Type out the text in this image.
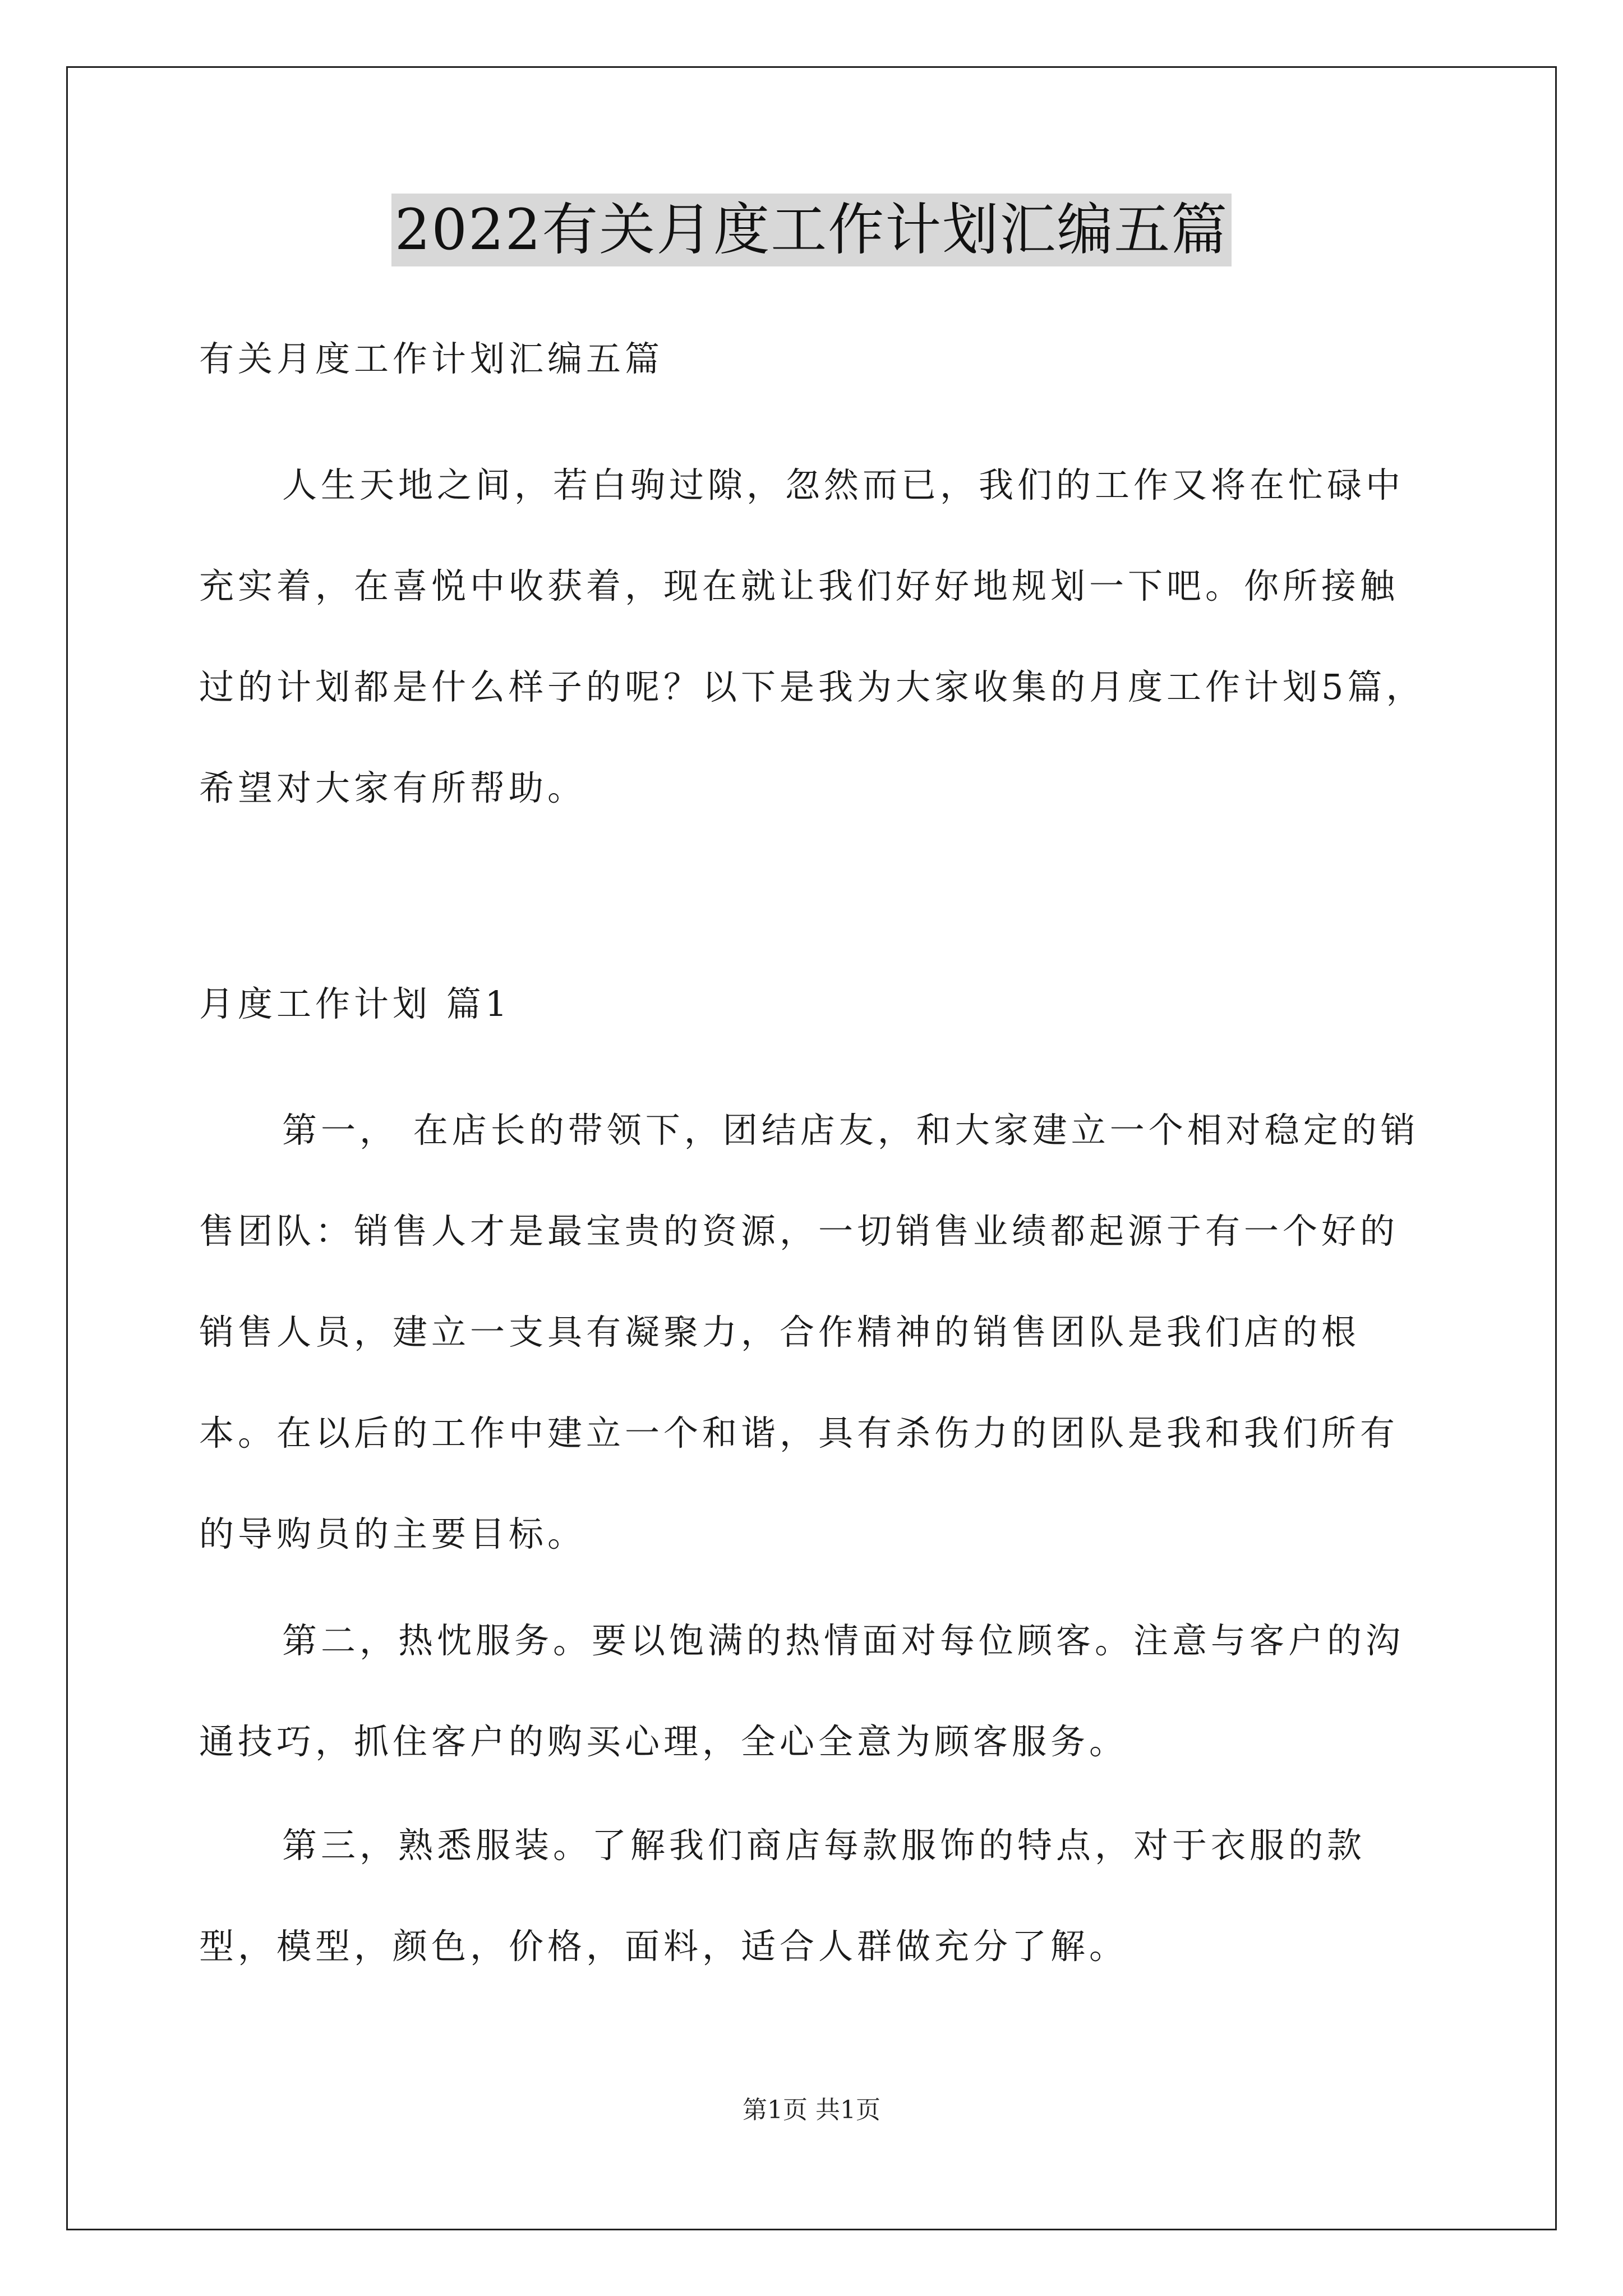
2022有关月度工作计划汇编五篇

有关月度工作计划汇编五篇

人生天地之间，若白驹过隙，忽然而已，我们的工作又将在忙碌中充实着，在喜悦中收获着，现在就让我们好好地规划一下吧。你所接触过的计划都是什么样子的呢？以下是我为大家收集的月度工作计划5篇，希望对大家有所帮助。

月度工作计划 篇1

第一， 在店长的带领下，团结店友，和大家建立一个相对稳定的销售团队：销售人才是最宝贵的资源，一切销售业绩都起源于有一个好的销售人员，建立一支具有凝聚力，合作精神的销售团队是我们店的根本。在以后的工作中建立一个和谐，具有杀伤力的团队是我和我们所有的导购员的主要目标。

第二，热忱服务。要以饱满的热情面对每位顾客。注意与客户的沟通技巧，抓住客户的购买心理，全心全意为顾客服务。

第三，熟悉服装。了解我们商店每款服饰的特点，对于衣服的款型，模型，颜色，价格，面料，适合人群做充分了解。

第1页 共1页
